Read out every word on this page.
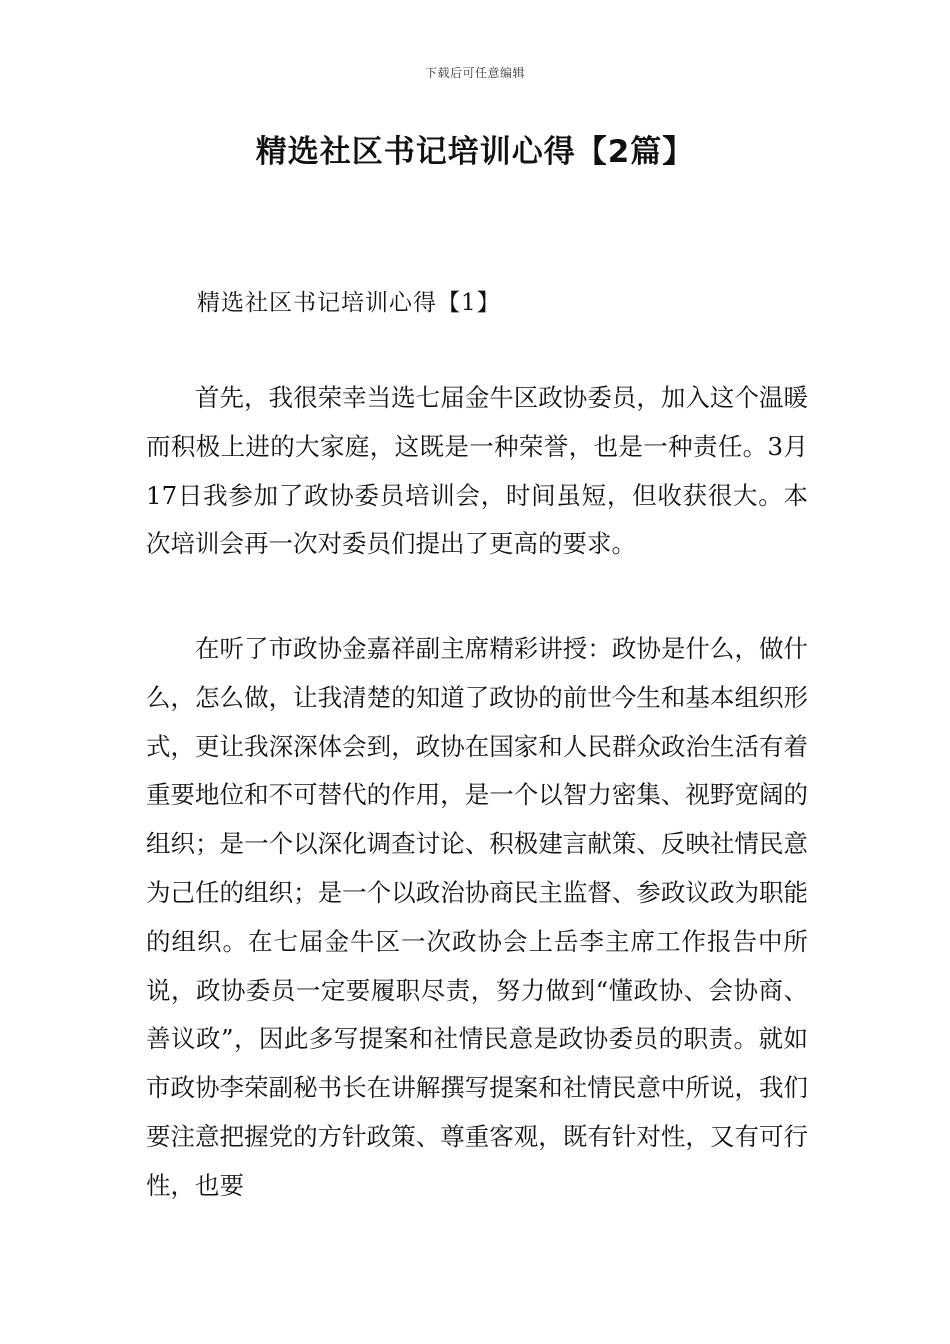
下载后可任意编辑
精选社区书记培训心得【2篇】
精选社区书记培训心得【1】

首先，我很荣幸当选七届金牛区政协委员，加入这个温暖而积极上进的大家庭，这既是一种荣誉，也是一种责任。3月17日我参加了政协委员培训会，时间虽短，但收获很大。本次培训会再一次对委员们提出了更高的要求。

在听了市政协金嘉祥副主席精彩讲授：政协是什么，做什么，怎么做，让我清楚的知道了政协的前世今生和基本组织形式，更让我深深体会到，政协在国家和人民群众政治生活有着重要地位和不可替代的作用，是一个以智力密集、视野宽阔的组织；是一个以深化调查讨论、积极建言献策、反映社情民意为己任的组织；是一个以政治协商民主监督、参政议政为职能的组织。在七届金牛区一次政协会上岳李主席工作报告中所说，政协委员一定要履职尽责，努力做到“懂政协、会协商、善议政”，因此多写提案和社情民意是政协委员的职责。就如市政协李荣副秘书长在讲解撰写提案和社情民意中所说，我们要注意把握党的方针政策、尊重客观，既有针对性，又有可行性，也要
